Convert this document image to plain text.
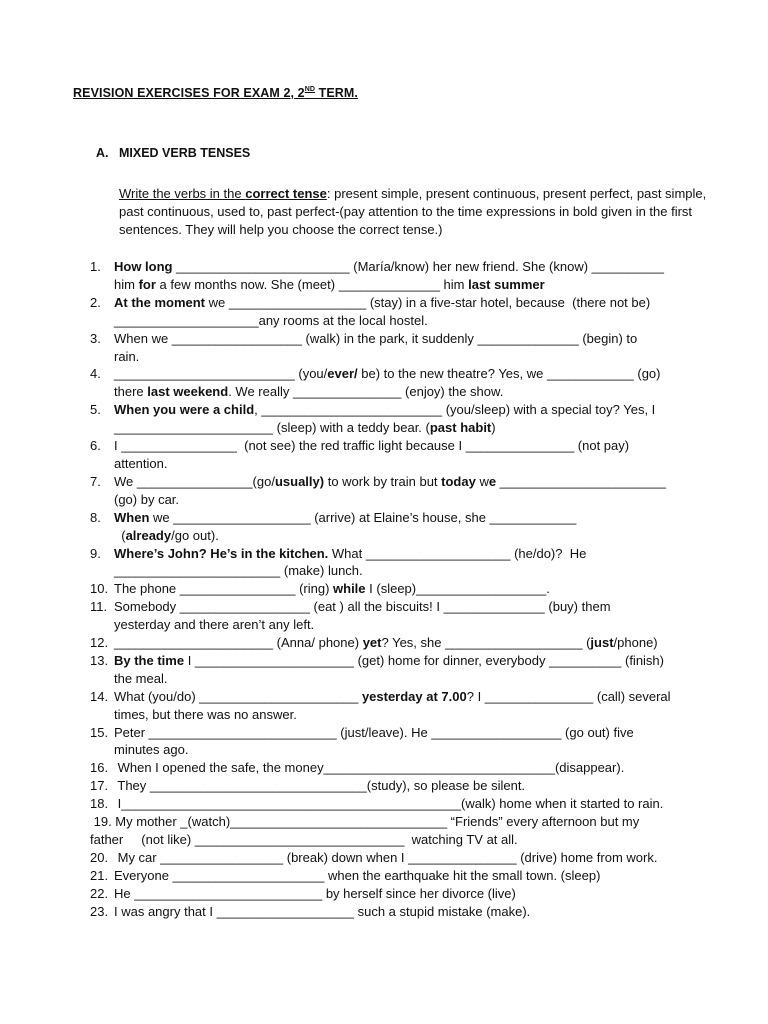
REVISION EXERCISES FOR EXAM 2, 2ND TERM.
A. MIXED VERB TENSES
Write the verbs in the correct tense: present simple, present continuous, present perfect, past simple, past continuous, used to, past perfect-(pay attention to the time expressions in bold given in the first sentences. They will help you choose the correct tense.)
1. How long ________________________ (María/know) her new friend. She (know) __________
him for a few months now. She (meet) ______________ him last summer
2. At the moment we ___________________ (stay) in a five-star hotel, because  (there not be)
____________________any rooms at the local hostel.
3. When we __________________ (walk) in the park, it suddenly ______________ (begin) to
rain.
4. _________________________ (you/ever/ be) to the new theatre? Yes, we ____________ (go)
there last weekend. We really _______________ (enjoy) the show.
5. When you were a child, _________________________ (you/sleep) with a special toy? Yes, I
______________________ (sleep) with a teddy bear. (past habit)
6. I ________________  (not see) the red traffic light because I _______________ (not pay)
attention.
7. We ________________(go/usually) to work by train but today we _______________________
(go) by car.
8. When we ___________________ (arrive) at Elaine’s house, she ____________
(already/go out).
9. Where’s John? He’s in the kitchen. What ____________________ (he/do)?  He
_______________________ (make) lunch.
10. The phone ________________ (ring) while I (sleep)__________________.
11. Somebody __________________ (eat ) all the biscuits! I ______________ (buy) them
yesterday and there aren’t any left.
12. ______________________ (Anna/ phone) yet? Yes, she ___________________ (just/phone)
13. By the time I ______________________ (get) home for dinner, everybody __________ (finish)
the meal.
14. What (you/do) ______________________ yesterday at 7.00? I _______________ (call) several
times, but there was no answer.
15. Peter __________________________ (just/leave). He __________________ (go out) five
minutes ago.
16. When I opened the safe, the money________________________________(disappear).
17. They ______________________________(study), so please be silent.
18. I_______________________________________________(walk) home when it started to rain.
19. My mother _(watch)______________________________ “Friends” every afternoon but my
father     (not like) _____________________________  watching TV at all.
20. My car _________________ (break) down when I _______________ (drive) home from work.
21. Everyone _____________________ when the earthquake hit the small town. (sleep)
22. He __________________________ by herself since her divorce (live)
23. I was angry that I ___________________ such a stupid mistake (make).
